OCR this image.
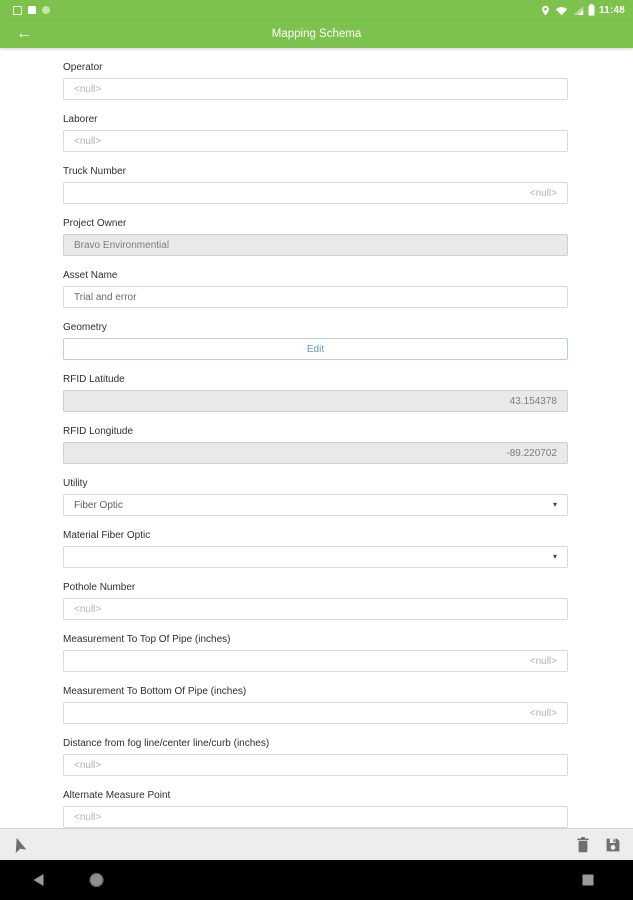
11:48
←	Mapping Schema
Operator
<null>
Laborer
<null>
Truck Number
<null>
Project Owner
Bravo Environmential
Asset Name
Trial and error
Geometry
Edit
RFID Latitude
43.154378
RFID Longitude
-89.220702
Utility
Fiber Optic	▾
Material Fiber Optic
▾
Pothole Number
<null>
Measurement To Top Of Pipe (inches)
<null>
Measurement To Bottom Of Pipe (inches)
<null>
Distance from fog line/center line/curb (inches)
<null>
Alternate Measure Point
<null>
